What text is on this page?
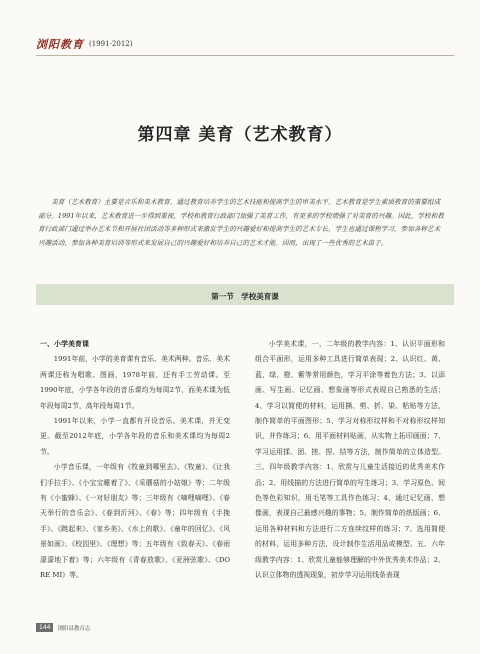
浏阳教育 (1991-2012)
第四章 美育（艺术教育）
美育（艺术教育）主要是音乐和美术教育。通过教育培养学生的艺术技能和提高学生的审美水平。艺术教育是学生素质教育的重要组成部分。1991年以来，艺术教育进一步得到重视，学校和教育行政部门加强了美育工作，有更多的学校增强了对美育的兴趣。因此，学校和教育行政部门通过举办艺术节和开展社团活动等多种形式来激发学生的兴趣爱好和提高学生的艺术专长，学生也通过课程学习，参加各种艺术兴趣活动，参加各种美育培训等形式来发展自己的兴趣爱好和培养自己的艺术才能。因而，出现了一些优秀的艺术苗子。
第一节　学校美育课
一、小学美育课

1991年前，小学的美育课有音乐、美术两种。音乐、美术两课还称为唱歌、图画，1978年前，还有手工劳动课。至1990年底，小学各年段的音乐课均为每周2节，而美术课为低年段每周2节，高年段每周1节。

1991年以来，小学一直都有开设音乐、美术课，并无变更。截至2012年底，小学各年段的音乐和美术课均为每周2节。

小学音乐课，一年级有《牧童到哪里去》、《牧童》、《让我们手拉手》、《小宝宝睡着了》、《采蘑菇的小姑娘》等；二年级有《小蜜蜂》、《一对好朋友》等；三年级有《嘀哩嘀哩》、《春天举行的音乐会》、《春到沂河》、《春》等；四年级有《手挽手》、《跳起来》、《家乡美》、《水上的歌》、《童年的回忆》、《风景如画》、《校园里》、《理想》等；五年级有《致春天》、《春雨濛濛地下着》等；六年级有《青春放歌》、《亚洲弦歌》、《DO RE MI》等。

小学美术课，一、二年级的教学内容：1、认识平面形和组合平面形，运用多种工具进行简单表现；2、认识红、黄、蓝、绿、橙、紫等常用颜色，学习平涂等着色方法；3、以添画、写生画、记忆画、想象画等形式表现自己熟悉的生活；4、学习以简便的材料，运用撕、剪、折、染、粘贴等方法，制作简单的平面图形；5、学习对称形纹样和不对称形纹样知识，并作练习；6、用平面材料贴画，从实物上拓印画面；7、学习运用揉、团、搓、捏、结等方法，制作简单的立体造型。三、四年级教学内容：1、欣赏与儿童生活接近的优秀美术作品；2、用线描的方法进行简单的写生练习；3、学习原色、间色等色彩知识，用毛笔等工具作色练习；4、通过记忆画、想像画，表现自己最感兴趣的事物；5、制作简单的纸版画；6、运用各种材料和方法进行二方连续纹样的练习；7、选用简便的材料，运用多种方法，设计制作生活用品或模型。五、六年级教学内容：1、欣赏儿童能够理解的中外优秀美术作品；2、认识立体物的透视现象，初步学习运用线条表现

144	浏阳县教育志
